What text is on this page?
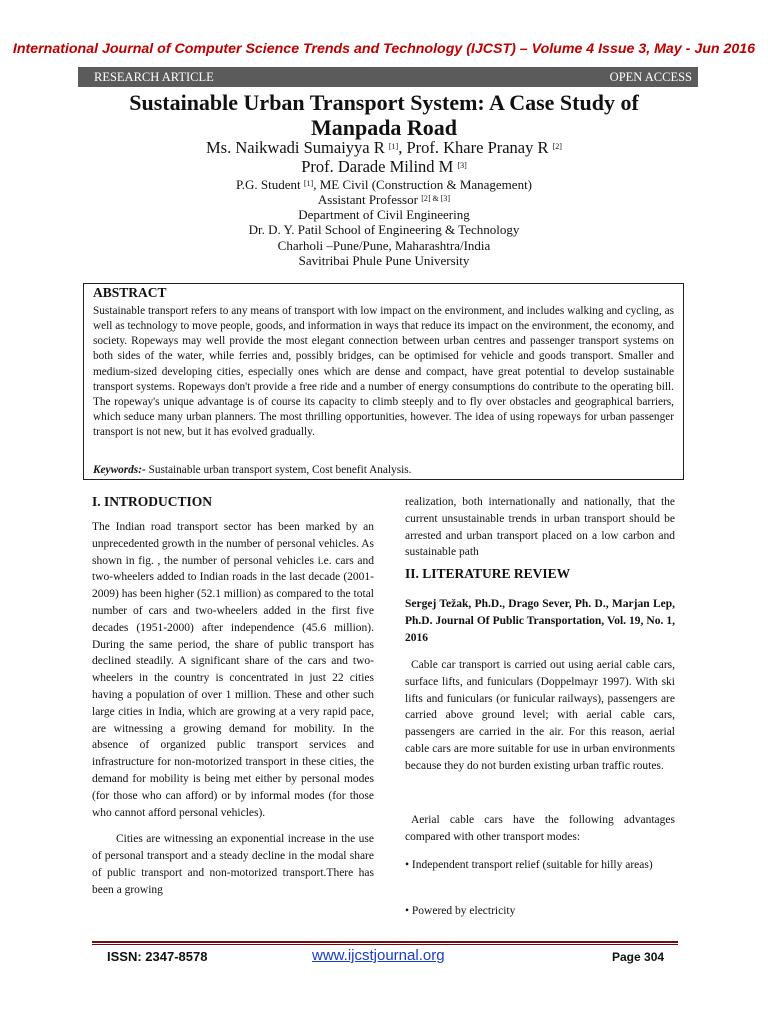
International Journal of Computer Science Trends and Technology (IJCST) – Volume 4 Issue 3, May - Jun 2016
RESEARCH ARTICLE	OPEN ACCESS
Sustainable Urban Transport System: A Case Study of
Manpada Road
Ms. Naikwadi Sumaiyya R [1], Prof. Khare Pranay R [2]
Prof. Darade Milind M [3]
P.G. Student [1], ME Civil (Construction & Management)
Assistant Professor [2] & [3]
Department of Civil Engineering
Dr. D. Y. Patil School of Engineering & Technology
Charholi –Pune/Pune, Maharashtra/India
Savitribai Phule Pune University
ABSTRACT
Sustainable transport refers to any means of transport with low impact on the environment, and includes walking and cycling, as well as technology to move people, goods, and information in ways that reduce its impact on the environment, the economy, and society. Ropeways may well provide the most elegant connection between urban centres and passenger transport systems on both sides of the water, while ferries and, possibly bridges, can be optimised for vehicle and goods transport. Smaller and medium-sized developing cities, especially ones which are dense and compact, have great potential to develop sustainable transport systems. Ropeways don't provide a free ride and a number of energy consumptions do contribute to the operating bill. The ropeway's unique advantage is of course its capacity to climb steeply and to fly over obstacles and geographical barriers, which seduce many urban planners. The most thrilling opportunities, however. The idea of using ropeways for urban passenger transport is not new, but it has evolved gradually.
Keywords:- Sustainable urban transport system, Cost benefit Analysis.
I. INTRODUCTION

The Indian road transport sector has been marked by an unprecedented growth in the number of personal vehicles. As shown in fig. , the number of personal vehicles i.e. cars and two-wheelers added to Indian roads in the last decade (2001-2009) has been higher (52.1 million) as compared to the total number of cars and two-wheelers added in the first five decades (1951-2000) after independence (45.6 million). During the same period, the share of public transport has declined steadily. A significant share of the cars and two-wheelers in the country is concentrated in just 22 cities having a population of over 1 million. These and other such large cities in India, which are growing at a very rapid pace, are witnessing a growing demand for mobility. In the absence of organized public transport services and infrastructure for non-motorized transport in these cities, the demand for mobility is being met either by personal modes (for those who can afford) or by informal modes (for those who cannot afford personal vehicles).

Cities are witnessing an exponential increase in the use of personal transport and a steady decline in the modal share of public transport and non-motorized transport.There has been a growing

realization, both internationally and nationally, that the current unsustainable trends in urban transport should be arrested and urban transport placed on a low carbon and sustainable path

II. LITERATURE REVIEW
Sergej Težak, Ph.D., Drago Sever, Ph. D., Marjan Lep, Ph.D. Journal Of Public Transportation, Vol. 19, No. 1, 2016
Cable car transport is carried out using aerial cable cars, surface lifts, and funiculars (Doppelmayr 1997). With ski lifts and funiculars (or funicular railways), passengers are carried above ground level; with aerial cable cars, passengers are carried in the air. For this reason, aerial cable cars are more suitable for use in urban environments because they do not burden existing urban traffic routes.
Aerial cable cars have the following advantages compared with other transport modes:
• Independent transport relief (suitable for hilly areas)
• Powered by electricity
ISSN: 2347-8578	www.ijcstjournal.org	Page 304
